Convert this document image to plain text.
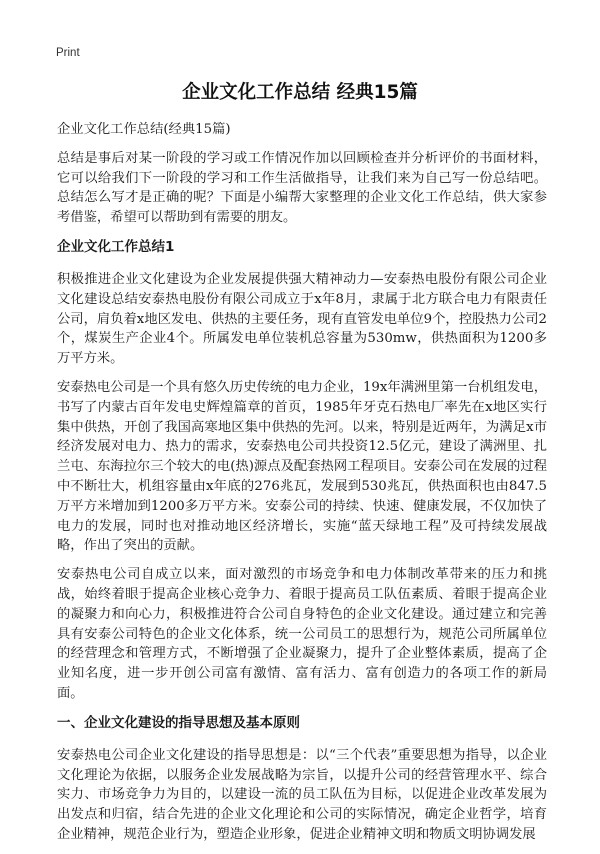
Print
企业文化工作总结 经典15篇

企业文化工作总结(经典15篇)

总结是事后对某一阶段的学习或工作情况作加以回顾检查并分析评价的书面材料，它可以给我们下一阶段的学习和工作生活做指导，让我们来为自己写一份总结吧。总结怎么写才是正确的呢？下面是小编帮大家整理的企业文化工作总结，供大家参考借鉴，希望可以帮助到有需要的朋友。

企业文化工作总结1

积极推进企业文化建设为企业发展提供强大精神动力—安泰热电股份有限公司企业文化建设总结安泰热电股份有限公司成立于x年8月，隶属于北方联合电力有限责任公司，肩负着x地区发电、供热的主要任务，现有直管发电单位9个，控股热力公司2个，煤炭生产企业4个。所属发电单位装机总容量为530mw，供热面积为1200多万平方米。

安泰热电公司是一个具有悠久历史传统的电力企业，19x年满洲里第一台机组发电，书写了内蒙古百年发电史辉煌篇章的首页，1985年牙克石热电厂率先在x地区实行集中供热，开创了我国高寒地区集中供热的先河。以来，特别是近两年，为满足x市经济发展对电力、热力的需求，安泰热电公司共投资12.5亿元，建设了满洲里、扎兰屯、东海拉尔三个较大的电(热)源点及配套热网工程项目。安泰公司在发展的过程中不断壮大，机组容量由x年底的276兆瓦，发展到530兆瓦，供热面积也由847.5万平方米增加到1200多万平方米。安泰公司的持续、快速、健康发展，不仅加快了电力的发展，同时也对推动地区经济增长，实施“蓝天绿地工程”及可持续发展战略，作出了突出的贡献。

安泰热电公司自成立以来，面对激烈的市场竞争和电力体制改革带来的压力和挑战，始终着眼于提高企业核心竞争力、着眼于提高员工队伍素质、着眼于提高企业的凝聚力和向心力，积极推进符合公司自身特色的企业文化建设。通过建立和完善具有安泰公司特色的企业文化体系，统一公司员工的思想行为，规范公司所属单位的经营理念和管理方式，不断增强了企业凝聚力，提升了企业整体素质，提高了企业知名度，进一步开创公司富有激情、富有活力、富有创造力的各项工作的新局面。

一、企业文化建设的指导思想及基本原则

安泰热电公司企业文化建设的指导思想是：以“三个代表”重要思想为指导，以企业文化理论为依据，以服务企业发展战略为宗旨，以提升公司的经营管理水平、综合实力、市场竞争力为目的，以建设一流的员工队伍为目标，以促进企业改革发展为出发点和归宿，结合先进的企业文化理论和公司的实际情况，确定企业哲学，培育企业精神，规范企业行为，塑造企业形象，促进企业精神文明和物质文明协调发展
